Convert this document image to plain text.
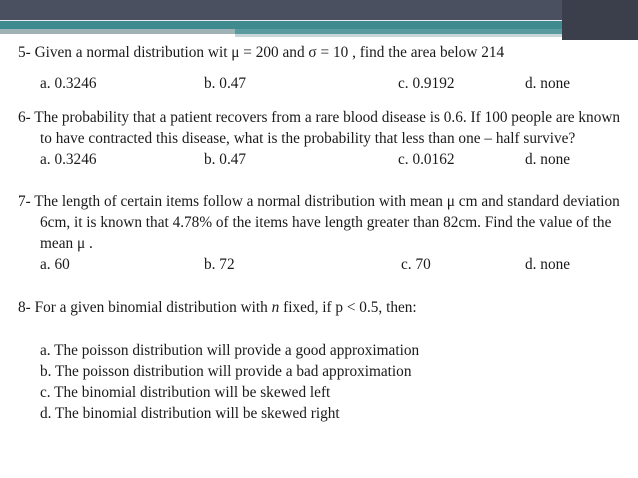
5- Given a normal distribution wit μ = 200 and σ = 10 , find the area below 214
a. 0.3246	b. 0.47	c. 0.9192	d. none
6- The probability that a patient recovers from a rare blood disease is 0.6. If 100 people are known to have contracted this disease, what is the probability that less than one – half survive?
a. 0.3246	b. 0.47	c. 0.0162	d. none
7- The length of certain items follow a normal distribution with mean μ cm and standard deviation 6cm, it is known that 4.78% of the items have length greater than 82cm. Find the value of the mean μ .
a. 60	b. 72	c. 70	d. none
8- For a given binomial distribution with n fixed, if p < 0.5, then:
a. The poisson distribution will provide a good approximation
b. The poisson distribution will provide a bad approximation
c. The binomial distribution will be skewed left
d. The binomial distribution will be skewed right
